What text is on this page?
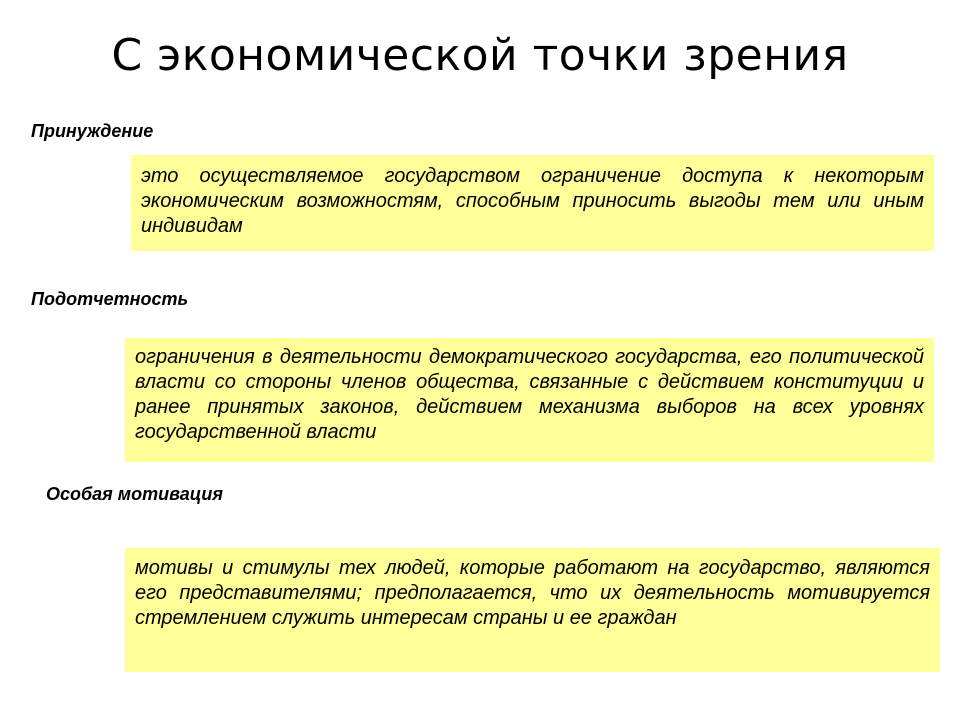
С экономической точки зрения
Принуждение
это осуществляемое государством ограничение доступа к некоторым экономическим возможностям, способным приносить выгоды тем или иным индивидам
Подотчетность
ограничения в деятельности демократического государства, его политической власти со стороны членов общества, связанные с действием конституции и ранее принятых законов, действием механизма выборов на всех уровнях государственной власти
Особая мотивация
мотивы и стимулы тех людей, которые работают на государство, являются его представителями; предполагается, что их деятельность мотивируется стремлением служить интересам страны и ее граждан
